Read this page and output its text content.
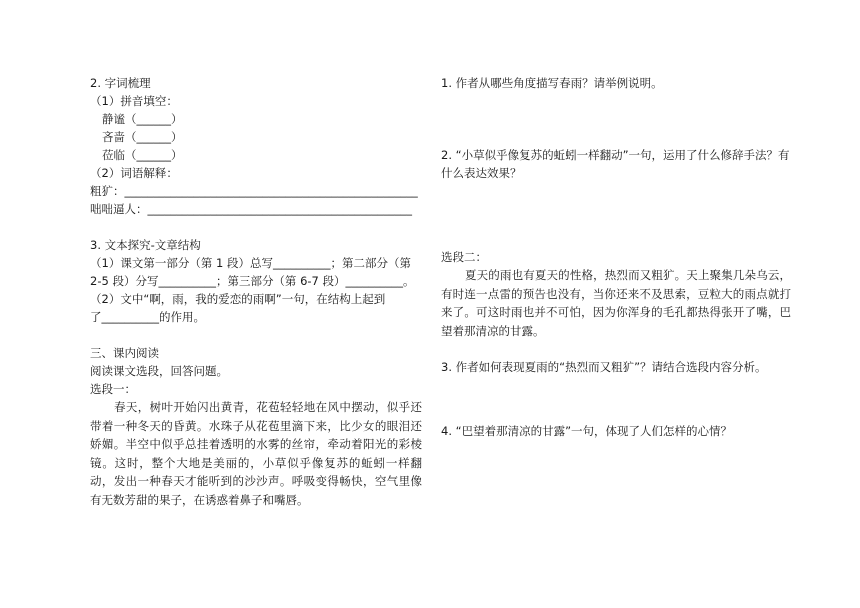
2. 字词梳理
（1）拼音填空：
静谧（______）
吝啬（______）
莅临（______）
（2）词语解释：
粗犷：___________________________________________________
咄咄逼人：______________________________________________
3. 文本探究-文章结构
（1）课文第一部分（第 1 段）总写__________；第二部分（第
2-5 段）分写__________；第三部分（第 6-7 段）__________。
（2）文中“啊，雨，我的爱恋的雨啊”一句，在结构上起到
了__________的作用。
三、课内阅读
阅读课文选段，回答问题。
选段一：
春天，树叶开始闪出黄青，花苞轻轻地在风中摆动，似乎还带着一种冬天的昏黄。水珠子从花苞里滴下来，比少女的眼泪还娇媚。半空中似乎总挂着透明的水雾的丝帘，牵动着阳光的彩棱镜。这时，整个大地是美丽的，小草似乎像复苏的蚯蚓一样翻动，发出一种春天才能听到的沙沙声。呼吸变得畅快，空气里像有无数芳甜的果子，在诱惑着鼻子和嘴唇。
1. 作者从哪些角度描写春雨？请举例说明。
2. “小草似乎像复苏的蚯蚓一样翻动”一句，运用了什么修辞手法？有什么表达效果？
选段二：
夏天的雨也有夏天的性格，热烈而又粗犷。天上聚集几朵乌云，有时连一点雷的预告也没有，当你还来不及思索，豆粒大的雨点就打来了。可这时雨也并不可怕，因为你浑身的毛孔都热得张开了嘴，巴望着那清凉的甘露。
3. 作者如何表现夏雨的“热烈而又粗犷”？请结合选段内容分析。
4. “巴望着那清凉的甘露”一句，体现了人们怎样的心情？
